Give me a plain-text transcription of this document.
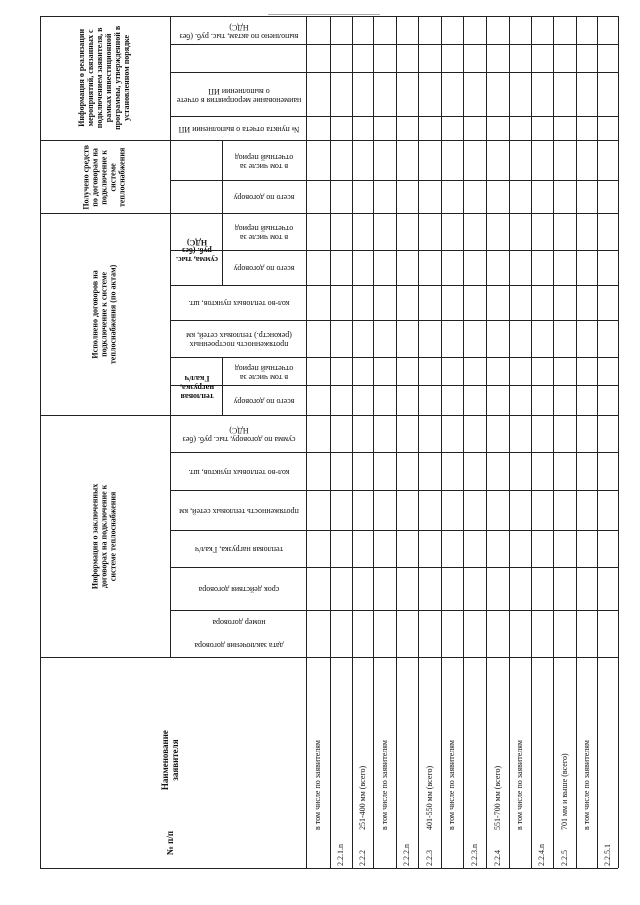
выполнено по актам, тыс. руб. (без НДС)
наименование мероприятия в отчете о выполнении ИП
№ пункта отчета о выполнении ИП
в том числе за отчетный период
всего по договору
в том числе за отчетный период
всего по договору
сумма, тыс. руб. (без НДС)
кол-во тепловых пунктов, шт.
протяженность построенных (реконстр.) тепловых сетей, км
в том числе за отчетный период
всего по договору
тепловая нагрузка, Гкал/ч
сумма по договору, тыс. руб. (без НДС)
кол-во тепловых пунктов, шт.
протяженность тепловых сетей, км
тепловая нагрузка, Гкал/ч
срок действия договора
номер договора
дата заключения договора
Информация о реализации мероприятий, связанных с подключением заявителя, в рамках инвестиционной программы, утвержденной в установленном порядке
Получено средств по договорам на подключение к системе теплоснабжения
Исполнено договоров на подключение к системе теплоснабжения (по актам)
Информация о заключенных договорах на подключение к системе теплоснабжения
Наименование заявителя
№ п/п
в том числе по заявителям
2.2.1.n
251-400 мм (всего)
2.2.2
в том числе по заявителям
2.2.2.n
401-550 мм (всего)
2.2.3
в том числе по заявителям
2.2.3.n
551-700 мм (всего)
2.2.4
в том числе по заявителям
2.2.4.n
701 мм и выше (всего)
2.2.5
в том числе по заявителям
2.2.5.1
